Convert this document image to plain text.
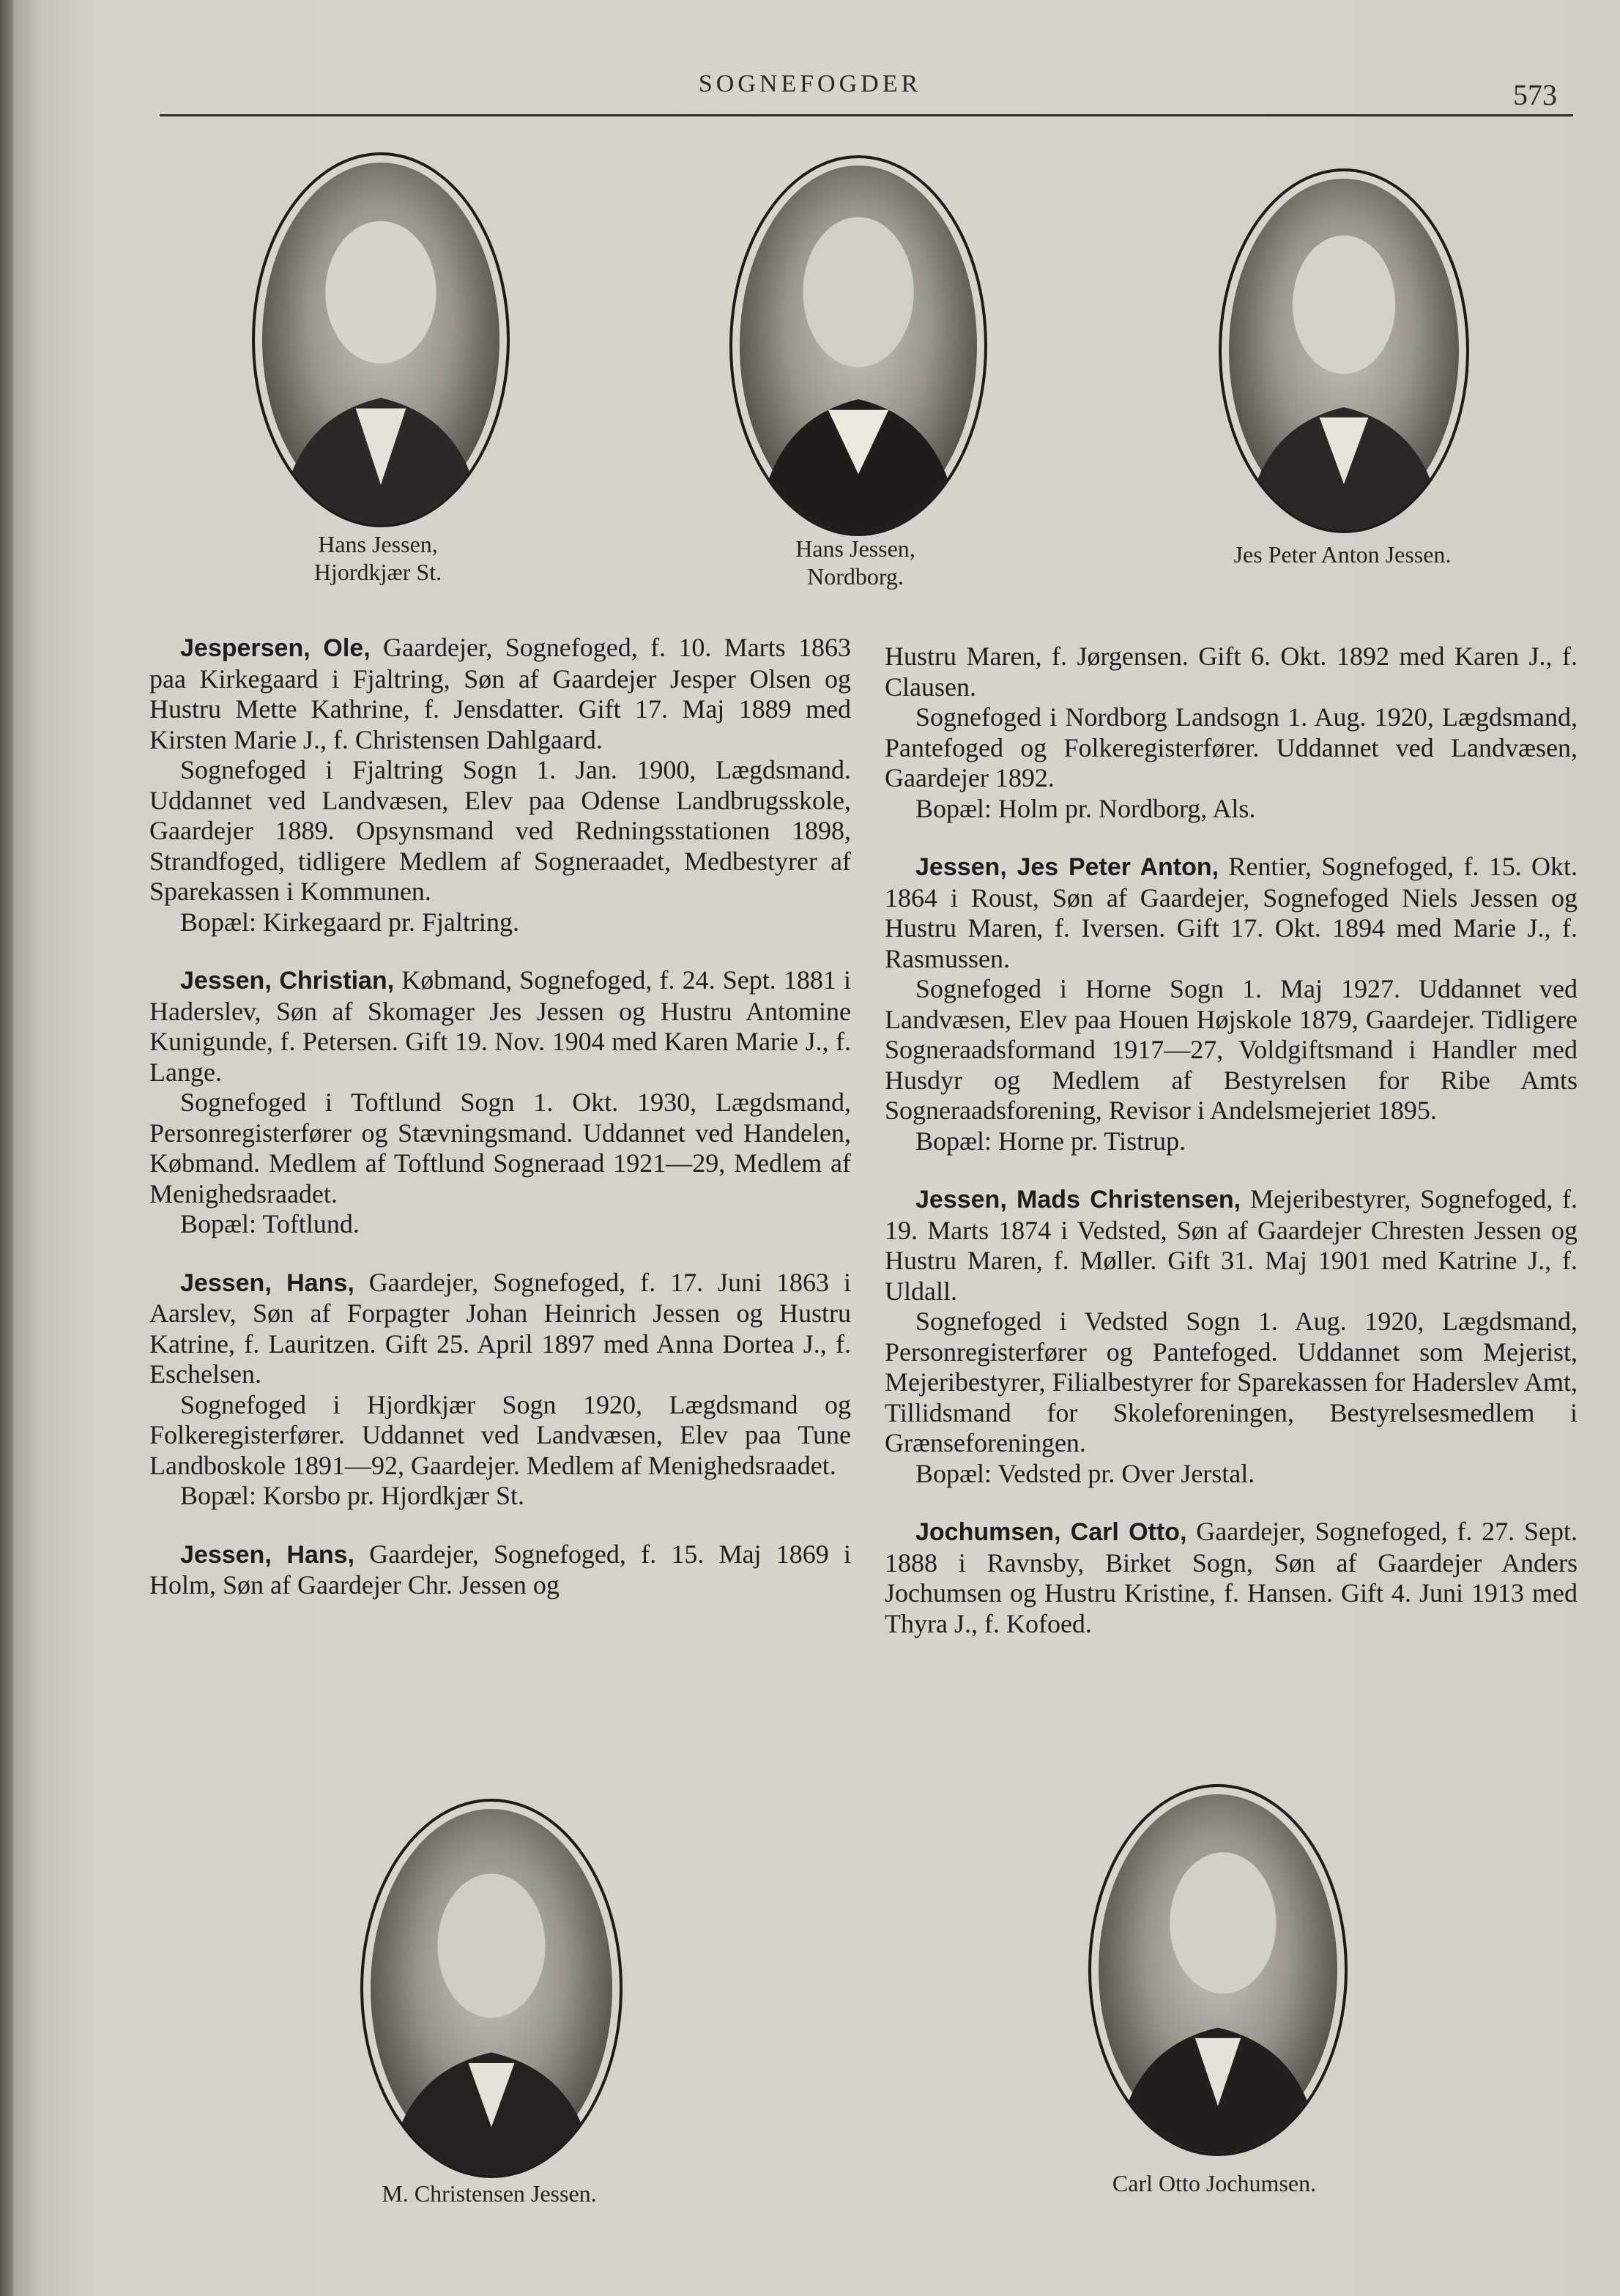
SOGNEFOGDER	573
Hans Jessen,
Hjordkjær St.
Hans Jessen,
Nordborg.
Jes Peter Anton Jessen.

Jespersen, Ole, Gaardejer, Sognefoged, f. 10. Marts 1863 paa Kirkegaard i Fjaltring, Søn af Gaardejer Jesper Olsen og Hustru Mette Kathrine, f. Jensdatter. Gift 17. Maj 1889 med Kirsten Marie J., f. Christensen Dahlgaard.

Sognefoged i Fjaltring Sogn 1. Jan. 1900, Lægdsmand. Uddannet ved Landvæsen, Elev paa Odense Landbrugsskole, Gaardejer 1889. Opsynsmand ved Redningsstationen 1898, Strandfoged, tidligere Medlem af Sogneraadet, Medbestyrer af Sparekassen i Kommunen.

Bopæl: Kirkegaard pr. Fjaltring.

Jessen, Christian, Købmand, Sognefoged, f. 24. Sept. 1881 i Haderslev, Søn af Skomager Jes Jessen og Hustru Antomine Kunigunde, f. Petersen. Gift 19. Nov. 1904 med Karen Marie J., f. Lange.

Sognefoged i Toftlund Sogn 1. Okt. 1930, Lægdsmand, Personregisterfører og Stævningsmand. Uddannet ved Handelen, Købmand. Medlem af Toftlund Sogneraad 1921—29, Medlem af Menighedsraadet.

Bopæl: Toftlund.

Jessen, Hans, Gaardejer, Sognefoged, f. 17. Juni 1863 i Aarslev, Søn af Forpagter Johan Heinrich Jessen og Hustru Katrine, f. Lauritzen. Gift 25. April 1897 med Anna Dortea J., f. Eschelsen.

Sognefoged i Hjordkjær Sogn 1920, Lægdsmand og Folkeregisterfører. Uddannet ved Landvæsen, Elev paa Tune Landboskole 1891—92, Gaardejer. Medlem af Menighedsraadet.

Bopæl: Korsbo pr. Hjordkjær St.

Jessen, Hans, Gaardejer, Sognefoged, f. 15. Maj 1869 i Holm, Søn af Gaardejer Chr. Jessen og

Hustru Maren, f. Jørgensen. Gift 6. Okt. 1892 med Karen J., f. Clausen.

Sognefoged i Nordborg Landsogn 1. Aug. 1920, Lægdsmand, Pantefoged og Folkeregisterfører. Uddannet ved Landvæsen, Gaardejer 1892.

Bopæl: Holm pr. Nordborg, Als.

Jessen, Jes Peter Anton, Rentier, Sognefoged, f. 15. Okt. 1864 i Roust, Søn af Gaardejer, Sognefoged Niels Jessen og Hustru Maren, f. Iversen. Gift 17. Okt. 1894 med Marie J., f. Rasmussen.

Sognefoged i Horne Sogn 1. Maj 1927. Uddannet ved Landvæsen, Elev paa Houen Højskole 1879, Gaardejer. Tidligere Sogneraadsformand 1917—27, Voldgiftsmand i Handler med Husdyr og Medlem af Bestyrelsen for Ribe Amts Sogneraadsforening, Revisor i Andelsmejeriet 1895.

Bopæl: Horne pr. Tistrup.

Jessen, Mads Christensen, Mejeribestyrer, Sognefoged, f. 19. Marts 1874 i Vedsted, Søn af Gaardejer Chresten Jessen og Hustru Maren, f. Møller. Gift 31. Maj 1901 med Katrine J., f. Uldall.

Sognefoged i Vedsted Sogn 1. Aug. 1920, Lægdsmand, Personregisterfører og Pantefoged. Uddannet som Mejerist, Mejeribestyrer, Filialbestyrer for Sparekassen for Haderslev Amt, Tillidsmand for Skoleforeningen, Bestyrelsesmedlem i Grænseforeningen.

Bopæl: Vedsted pr. Over Jerstal.

Jochumsen, Carl Otto, Gaardejer, Sognefoged, f. 27. Sept. 1888 i Ravnsby, Birket Sogn, Søn af Gaardejer Anders Jochumsen og Hustru Kristine, f. Hansen. Gift 4. Juni 1913 med Thyra J., f. Kofoed.

M. Christensen Jessen.	Carl Otto Jochumsen.
